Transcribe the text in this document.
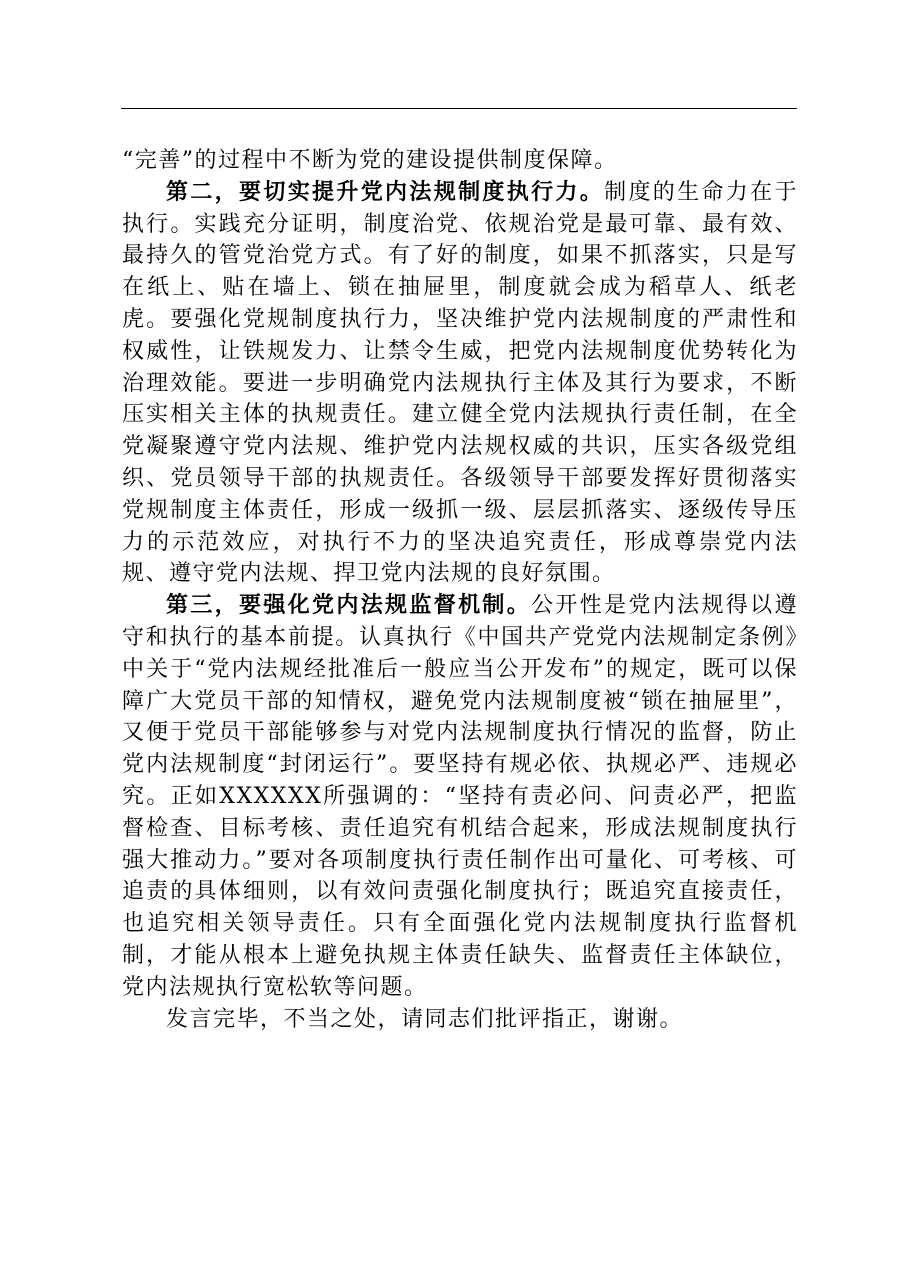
“完善”的过程中不断为党的建设提供制度保障。

第二，要切实提升党内法规制度执行力。制度的生命力在于执行。实践充分证明，制度治党、依规治党是最可靠、最有效、最持久的管党治党方式。有了好的制度，如果不抓落实，只是写在纸上、贴在墙上、锁在抽屉里，制度就会成为稻草人、纸老虎。要强化党规制度执行力，坚决维护党内法规制度的严肃性和权威性，让铁规发力、让禁令生威，把党内法规制度优势转化为治理效能。要进一步明确党内法规执行主体及其行为要求，不断压实相关主体的执规责任。建立健全党内法规执行责任制，在全党凝聚遵守党内法规、维护党内法规权威的共识，压实各级党组织、党员领导干部的执规责任。各级领导干部要发挥好贯彻落实党规制度主体责任，形成一级抓一级、层层抓落实、逐级传导压力的示范效应，对执行不力的坚决追究责任，形成尊崇党内法规、遵守党内法规、捍卫党内法规的良好氛围。

第三，要强化党内法规监督机制。公开性是党内法规得以遵守和执行的基本前提。认真执行《中国共产党党内法规制定条例》中关于“党内法规经批准后一般应当公开发布”的规定，既可以保障广大党员干部的知情权，避免党内法规制度被“锁在抽屉里”，又便于党员干部能够参与对党内法规制度执行情况的监督，防止党内法规制度“封闭运行”。要坚持有规必依、执规必严、违规必究。正如XXXXXX所强调的：“坚持有责必问、问责必严，把监督检查、目标考核、责任追究有机结合起来，形成法规制度执行强大推动力。”要对各项制度执行责任制作出可量化、可考核、可追责的具体细则，以有效问责强化制度执行；既追究直接责任，也追究相关领导责任。只有全面强化党内法规制度执行监督机制，才能从根本上避免执规主体责任缺失、监督责任主体缺位，党内法规执行宽松软等问题。

发言完毕，不当之处，请同志们批评指正，谢谢。
